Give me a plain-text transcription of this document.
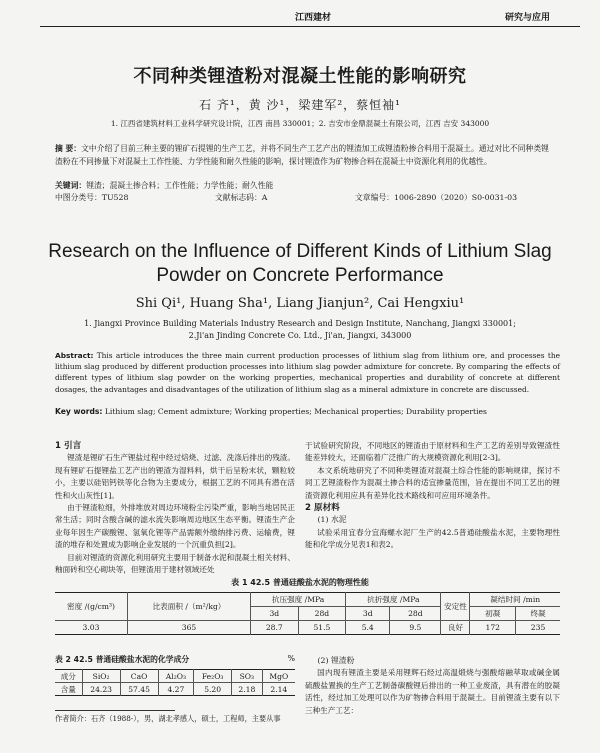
江西建材	研究与应用
不同种类锂渣粉对混凝土性能的影响研究
石 齐¹，黄 沙¹，梁建军²，蔡恒袖¹
1. 江西省建筑材料工业科学研究设计院，江西 南昌 330001；2. 吉安市金鼎混凝土有限公司，江西 吉安 343000
摘 要：文中介绍了目前三种主要的锂矿石提锂的生产工艺，并将不同生产工艺产出的锂渣加工成锂渣粉掺合料用于混凝土。通过对比不同种类锂渣粉在不同掺量下对混凝土工作性能、力学性能和耐久性能的影响，探讨锂渣作为矿物掺合料在混凝土中资源化利用的优越性。
关键词：锂渣；混凝土掺合料；工作性能；力学性能；耐久性能
中图分类号：TU528	文献标志码：A	文章编号：1006-2890（2020）S0-0031-03
Research on the Influence of Different Kinds of Lithium Slag
Powder on Concrete Performance
Shi Qi¹, Huang Sha¹, Liang Jianjun², Cai Hengxiu¹
1. Jiangxi Province Building Materials Industry Research and Design Institute, Nanchang, Jiangxi 330001;
2.Ji'an Jinding Concrete Co. Ltd., Ji'an, Jiangxi, 343000
Abstract: This article introduces the three main current production processes of lithium slag from lithium ore, and processes the lithium slag produced by different production processes into lithium slag powder admixture for concrete. By comparing the effects of different types of lithium slag powder on the working properties, mechanical properties and durability of concrete at different dosages, the advantages and disadvantages of the utilization of lithium slag as a mineral admixture in concrete are discussed.
Key words: Lithium slag; Cement admixture; Working properties; Mechanical properties; Durability properties
1 引言

锂渣是锂矿石生产锂盐过程中经过焙烧、过滤、洗涤后排出的残渣。现有锂矿石提锂盐工艺产出的锂渣为湿料料，烘干后呈粉末状，颗粒较小，主要以硅铝钙铁等化合物为主要成分，根据工艺的不同具有潜在活性和火山灰性[1]。

由于锂渣粒细，外排堆放对周边环境粉尘污染严重，影响当地居民正常生活；同时含酸含碱的滤水流失影响周边地区生态平衡。锂渣生产企业每年因生产碳酸锂、氢氧化锂等产品需额外缴纳排污费、运输费，锂渣的堆存和处置成为影响企业发展的一个沉重负担[2]。

目前对锂渣的资源化利用研究主要用于制备水泥和混凝土相关材料、釉面砖和空心砌块等，但锂渣用于建材领域还处

于试验研究阶段，不同地区的锂渣由于原材料和生产工艺的差别导致锂渣性能差异较大，还面临着广泛推广的大规模资源化利用[2-3]。

本文系统地研究了不同种类锂渣对混凝土综合性能的影响规律，探讨不同工艺锂渣粉作为混凝土掺合料的适宜掺量范围，旨在提出不同工艺出的锂渣资源化利用应具有差异化技术路线和可应用环境条件。

2 原材料
(1) 水泥

试验采用宜春分宜海螺水泥厂生产的42.5普通硅酸盐水泥，主要物理性能和化学成分见表1和表2。

表 1 42.5 普通硅酸盐水泥的物理性能
密度 /(g/cm³)	比表面积 /（m²/kg）	抗压强度 /MPa		抗折强度 /MPa		安定性	凝结时间 /min	
		3d	28d	3d	28d		初凝	终凝
3.03	365	28.7	51.5	5.4	9.5	良好	172	235
表 2 42.5 普通硅酸盐水泥的化学成分	%
成分	SiO₂	CaO	Al₂O₃	Fe₂O₃	SO₃	MgO
含量	24.23	57.45	4.27	5.20	2.18	2.14
(2) 锂渣粉

国内现有锂渣主要是采用锂辉石经过高温煅烧与强酸熔融萃取或碱金属硫酸盐置换的生产工艺制备碳酸锂后排出的一种工业废渣，具有潜在的胶凝活性，经过加工处理可以作为矿物掺合料用于混凝土。目前锂渣主要有以下三种生产工艺：

作者简介：石齐（1988-），男，湖北孝感人，硕士，工程师，主要从事
